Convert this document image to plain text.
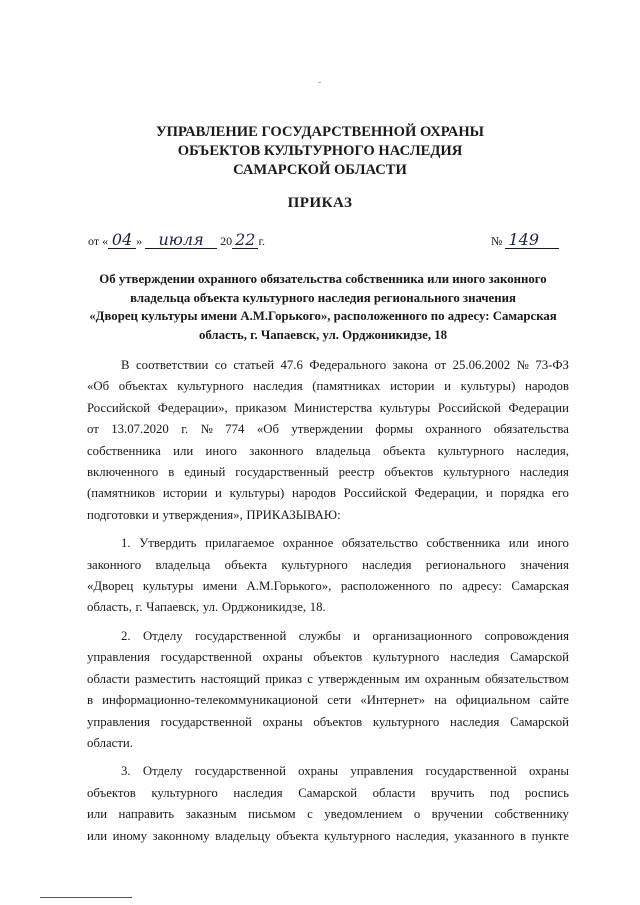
УПРАВЛЕНИЕ ГОСУДАРСТВЕННОЙ ОХРАНЫ
ОБЪЕКТОВ КУЛЬТУРНОГО НАСЛЕДИЯ
САМАРСКОЙ ОБЛАСТИ
ПРИКАЗ
от « 04 » июля 20 22 г.	№ 149
Об утверждении охранного обязательства собственника или иного законного
владельца объекта культурного наследия регионального значения
«Дворец культуры имени А.М.Горького», расположенного по адресу: Самарская
область, г. Чапаевск, ул. Орджоникидзе, 18
В соответствии со статьей 47.6 Федерального закона от 25.06.2002 № 73-ФЗ
«Об объектах культурного наследия (памятниках истории и культуры) народов
Российской Федерации», приказом Министерства культуры Российской Федерации
от 13.07.2020 г. № 774 «Об утверждении формы охранного обязательства
собственника или иного законного владельца объекта культурного наследия,
включенного в единый государственный реестр объектов культурного наследия
(памятников истории и культуры) народов Российской Федерации, и порядка его
подготовки и утверждения», ПРИКАЗЫВАЮ:
1. Утвердить прилагаемое охранное обязательство собственника или иного
законного владельца объекта культурного наследия регионального значения
«Дворец культуры имени А.М.Горького», расположенного по адресу: Самарская
область, г. Чапаевск, ул. Орджоникидзе, 18.
2. Отделу государственной службы и организационного сопровождения
управления государственной охраны объектов культурного наследия Самарской
области разместить настоящий приказ с утвержденным им охранным обязательством
в информационно-телекоммуникационой сети «Интернет» на официальном сайте
управления государственной охраны объектов культурного наследия Самарской
области.
3. Отделу государственной охраны управления государственной охраны
объектов культурного наследия Самарской области вручить под роспись
или направить заказным письмом с уведомлением о вручении собственнику
или иному законному владельцу объекта культурного наследия, указанного в пункте
